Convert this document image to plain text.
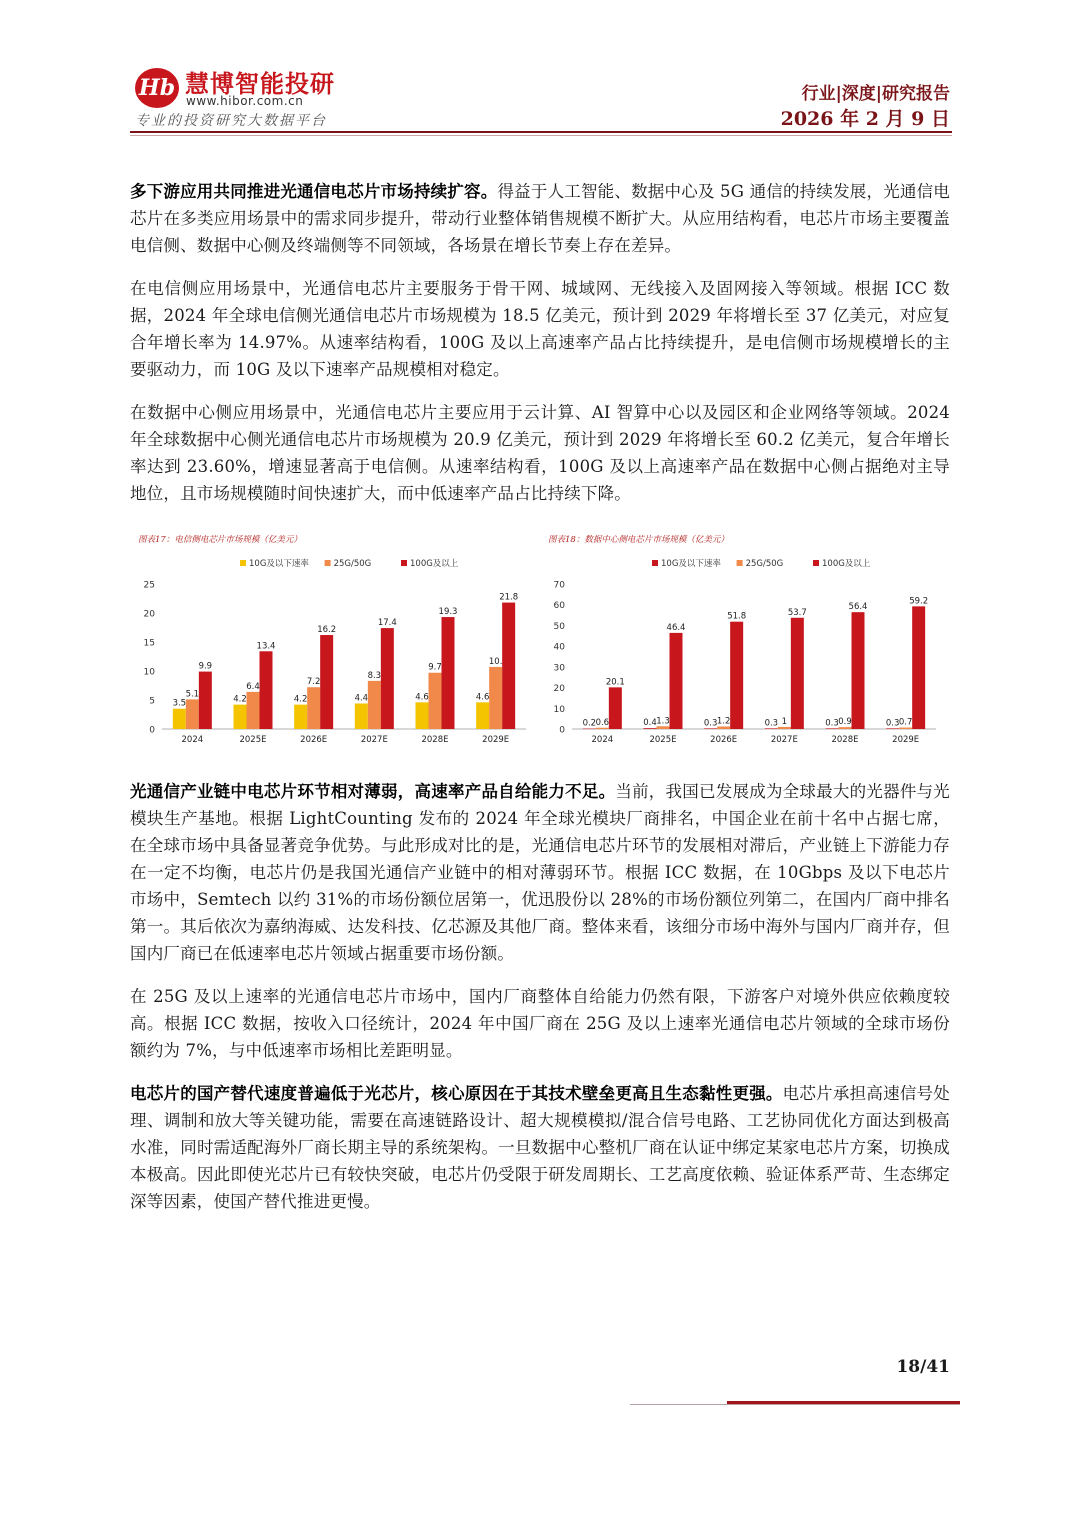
Hb 慧博智能投研
www.hibor.com.cn
专业的投资研究大数据平台
行业|深度|研究报告
2026 年 2 月 9 日

多下游应用共同推进光通信电芯片市场持续扩容。得益于人工智能、数据中心及 5G 通信的持续发展，光通信电芯片在多类应用场景中的需求同步提升，带动行业整体销售规模不断扩大。从应用结构看，电芯片市场主要覆盖电信侧、数据中心侧及终端侧等不同领域，各场景在增长节奏上存在差异。

在电信侧应用场景中，光通信电芯片主要服务于骨干网、城域网、无线接入及固网接入等领域。根据 ICC 数据，2024 年全球电信侧光通信电芯片市场规模为 18.5 亿美元，预计到 2029 年将增长至 37 亿美元，对应复合年增长率为 14.97%。从速率结构看，100G 及以上高速率产品占比持续提升，是电信侧市场规模增长的主要驱动力，而 10G 及以下速率产品规模相对稳定。

在数据中心侧应用场景中，光通信电芯片主要应用于云计算、AI 智算中心以及园区和企业网络等领域。2024 年全球数据中心侧光通信电芯片市场规模为 20.9 亿美元，预计到 2029 年将增长至 60.2 亿美元，复合年增长率达到 23.60%，增速显著高于电信侧。从速率结构看，100G 及以上高速率产品在数据中心侧占据绝对主导地位，且市场规模随时间快速扩大，而中低速率产品占比持续下降。

图表17：电信侧电芯片市场规模（亿美元）
10G及以下速率	25G/50G	100G及以上
0
5
10
15
20
25
2024
3.5
5.1
9.9
2025E
4.2
6.4
13.4
2026E
4.2
7.2
16.2
2027E
4.4
8.3
17.4
2028E
4.6
9.7
19.3
2029E
4.6
10.
21.8
图表18：数据中心侧电芯片市场规模（亿美元）
10G及以下速率	25G/50G	100G及以上
0
10
20
30
40
50
60
70
2024
0.2 0.6
20.1
2025E
0.4 1.3
46.4
2026E
0.3 1.2
51.8
2027E
0.3 1
53.7
2028E
0.3 0.9
56.4
2029E
0.3 0.7
59.2

光通信产业链中电芯片环节相对薄弱，高速率产品自给能力不足。当前，我国已发展成为全球最大的光器件与光模块生产基地。根据 LightCounting 发布的 2024 年全球光模块厂商排名，中国企业在前十名中占据七席，在全球市场中具备显著竞争优势。与此形成对比的是，光通信电芯片环节的发展相对滞后，产业链上下游能力存在一定不均衡，电芯片仍是我国光通信产业链中的相对薄弱环节。根据 ICC 数据，在 10Gbps 及以下电芯片市场中，Semtech 以约 31%的市场份额位居第一，优迅股份以 28%的市场份额位列第二，在国内厂商中排名第一。其后依次为嘉纳海威、达发科技、亿芯源及其他厂商。整体来看，该细分市场中海外与国内厂商并存，但国内厂商已在低速率电芯片领域占据重要市场份额。

在 25G 及以上速率的光通信电芯片市场中，国内厂商整体自给能力仍然有限，下游客户对境外供应依赖度较高。根据 ICC 数据，按收入口径统计，2024 年中国厂商在 25G 及以上速率光通信电芯片领域的全球市场份额约为 7%，与中低速率市场相比差距明显。

电芯片的国产替代速度普遍低于光芯片，核心原因在于其技术壁垒更高且生态黏性更强。电芯片承担高速信号处理、调制和放大等关键功能，需要在高速链路设计、超大规模模拟/混合信号电路、工艺协同优化方面达到极高水准，同时需适配海外厂商长期主导的系统架构。一旦数据中心整机厂商在认证中绑定某家电芯片方案，切换成本极高。因此即使光芯片已有较快突破，电芯片仍受限于研发周期长、工艺高度依赖、验证体系严苛、生态绑定深等因素，使国产替代推进更慢。

18/41
